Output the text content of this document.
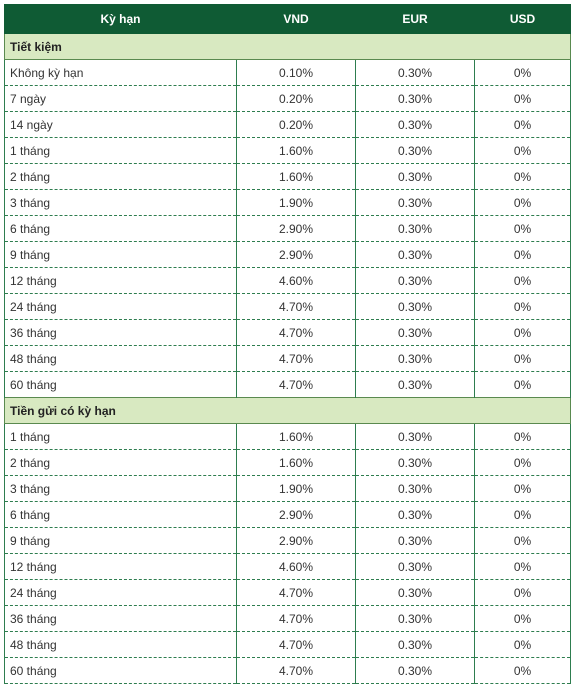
Kỳ hạn	VND	EUR	USD
Tiết kiệm			
Không kỳ hạn	0.10%	0.30%	0%
7 ngày	0.20%	0.30%	0%
14 ngày	0.20%	0.30%	0%
1 tháng	1.60%	0.30%	0%
2 tháng	1.60%	0.30%	0%
3 tháng	1.90%	0.30%	0%
6 tháng	2.90%	0.30%	0%
9 tháng	2.90%	0.30%	0%
12 tháng	4.60%	0.30%	0%
24 tháng	4.70%	0.30%	0%
36 tháng	4.70%	0.30%	0%
48 tháng	4.70%	0.30%	0%
60 tháng	4.70%	0.30%	0%
Tiền gửi có kỳ hạn			
1 tháng	1.60%	0.30%	0%
2 tháng	1.60%	0.30%	0%
3 tháng	1.90%	0.30%	0%
6 tháng	2.90%	0.30%	0%
9 tháng	2.90%	0.30%	0%
12 tháng	4.60%	0.30%	0%
24 tháng	4.70%	0.30%	0%
36 tháng	4.70%	0.30%	0%
48 tháng	4.70%	0.30%	0%
60 tháng	4.70%	0.30%	0%
